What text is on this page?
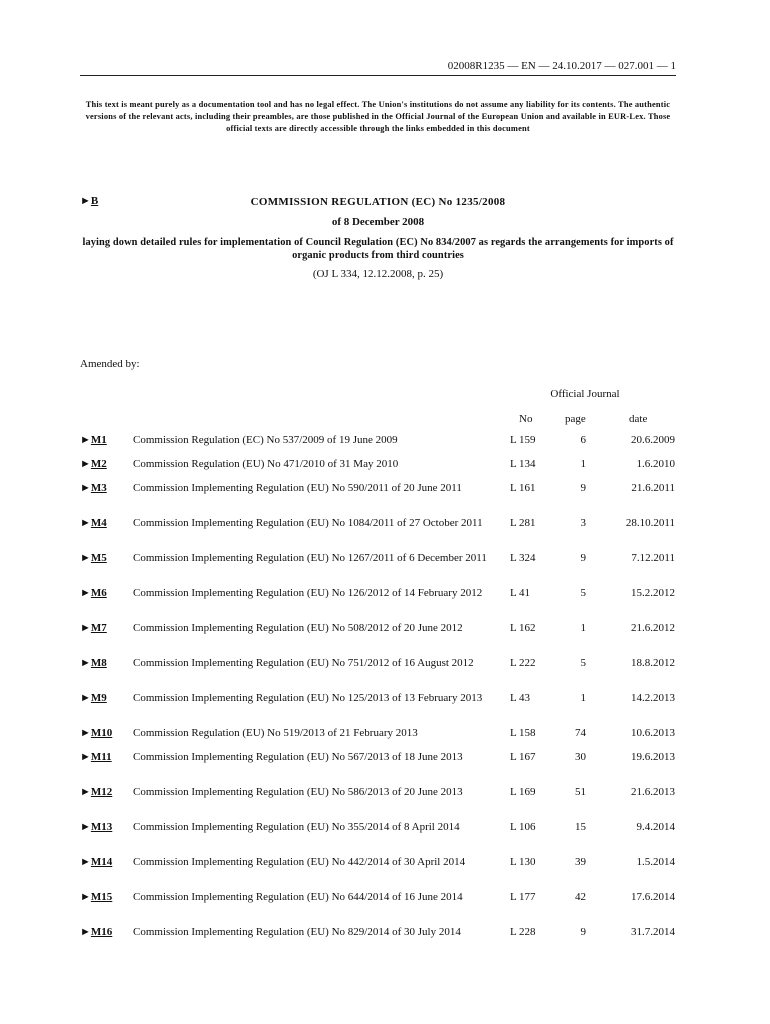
02008R1235 — EN — 24.10.2017 — 027.001 — 1
This text is meant purely as a documentation tool and has no legal effect. The Union's institutions do not assume any liability for its contents. The authentic versions of the relevant acts, including their preambles, are those published in the Official Journal of the European Union and available in EUR-Lex. Those official texts are directly accessible through the links embedded in this document
►B	COMMISSION REGULATION (EC) No 1235/2008
of 8 December 2008
laying down detailed rules for implementation of Council Regulation (EC) No 834/2007 as regards the arrangements for imports of organic products from third countries
(OJ L 334, 12.12.2008, p. 25)
Amended by:
Official Journal
No	page	date
►M1 Commission Regulation (EC) No 537/2009 of 19 June 2009	L 159	6	20.6.2009
►M2 Commission Regulation (EU) No 471/2010 of 31 May 2010	L 134	1	1.6.2010
►M3 Commission Implementing Regulation (EU) No 590/2011 of 20 June 2011	L 161	9	21.6.2011
►M4 Commission Implementing Regulation (EU) No 1084/2011 of 27 October 2011	L 281	3	28.10.2011
►M5 Commission Implementing Regulation (EU) No 1267/2011 of 6 December 2011	L 324	9	7.12.2011
►M6 Commission Implementing Regulation (EU) No 126/2012 of 14 February 2012	L 41	5	15.2.2012
►M7 Commission Implementing Regulation (EU) No 508/2012 of 20 June 2012	L 162	1	21.6.2012
►M8 Commission Implementing Regulation (EU) No 751/2012 of 16 August 2012	L 222	5	18.8.2012
►M9 Commission Implementing Regulation (EU) No 125/2013 of 13 February 2013	L 43	1	14.2.2013
►M10 Commission Regulation (EU) No 519/2013 of 21 February 2013	L 158	74	10.6.2013
►M11 Commission Implementing Regulation (EU) No 567/2013 of 18 June 2013	L 167	30	19.6.2013
►M12 Commission Implementing Regulation (EU) No 586/2013 of 20 June 2013	L 169	51	21.6.2013
►M13 Commission Implementing Regulation (EU) No 355/2014 of 8 April 2014	L 106	15	9.4.2014
►M14 Commission Implementing Regulation (EU) No 442/2014 of 30 April 2014	L 130	39	1.5.2014
►M15 Commission Implementing Regulation (EU) No 644/2014 of 16 June 2014	L 177	42	17.6.2014
►M16 Commission Implementing Regulation (EU) No 829/2014 of 30 July 2014	L 228	9	31.7.2014
